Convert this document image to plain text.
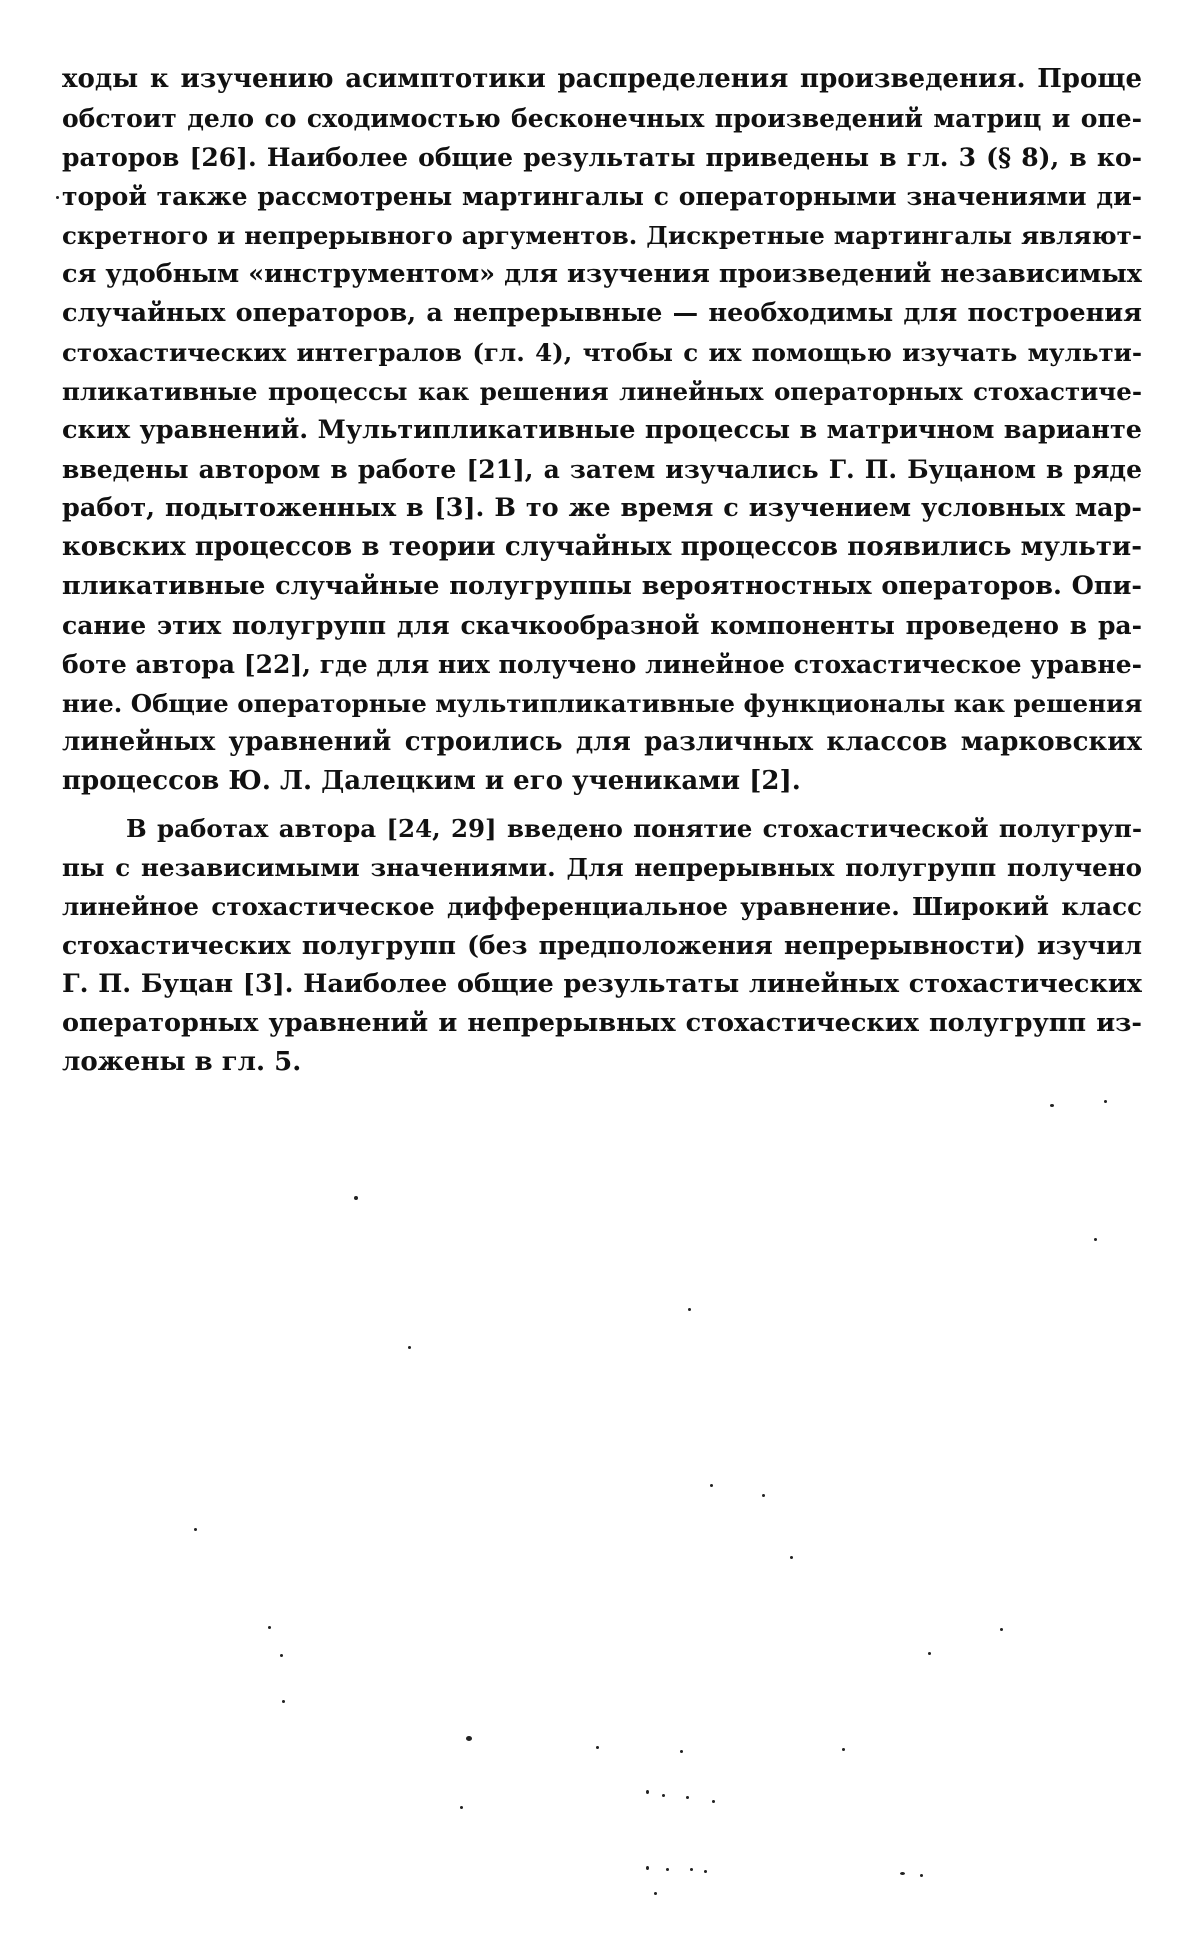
ходы к изучению асимптотики распределения произведения. Проще
обстоит дело со сходимостью бесконечных произведений матриц и опе-
раторов [26]. Наиболее общие результаты приведены в гл. 3 (§ 8), в ко-
торой также рассмотрены мартингалы с операторными значениями ди-
скретного и непрерывного аргументов. Дискретные мартингалы являют-
ся удобным «инструментом» для изучения произведений независимых
случайных операторов, а непрерывные — необходимы для построения
стохастических интегралов (гл. 4), чтобы с их помощью изучать мульти-
пликативные процессы как решения линейных операторных стохастиче-
ских уравнений. Мультипликативные процессы в матричном варианте
введены автором в работе [21], а затем изучались Г. П. Буцаном в ряде
работ, подытоженных в [3]. В то же время с изучением условных мар-
ковских процессов в теории случайных процессов появились мульти-
пликативные случайные полугруппы вероятностных операторов. Опи-
сание этих полугрупп для скачкообразной компоненты проведено в ра-
боте автора [22], где для них получено линейное стохастическое уравне-
ние. Общие операторные мультипликативные функционалы как решения
линейных уравнений строились для различных классов марковских
процессов Ю. Л. Далецким и его учениками [2].
В работах автора [24, 29] введено понятие стохастической полугруп-
пы с независимыми значениями. Для непрерывных полугрупп получено
линейное стохастическое дифференциальное уравнение. Широкий класс
стохастических полугрупп (без предположения непрерывности) изучил
Г. П. Буцан [3]. Наиболее общие результаты линейных стохастических
операторных уравнений и непрерывных стохастических полугрупп из-
ложены в гл. 5.
